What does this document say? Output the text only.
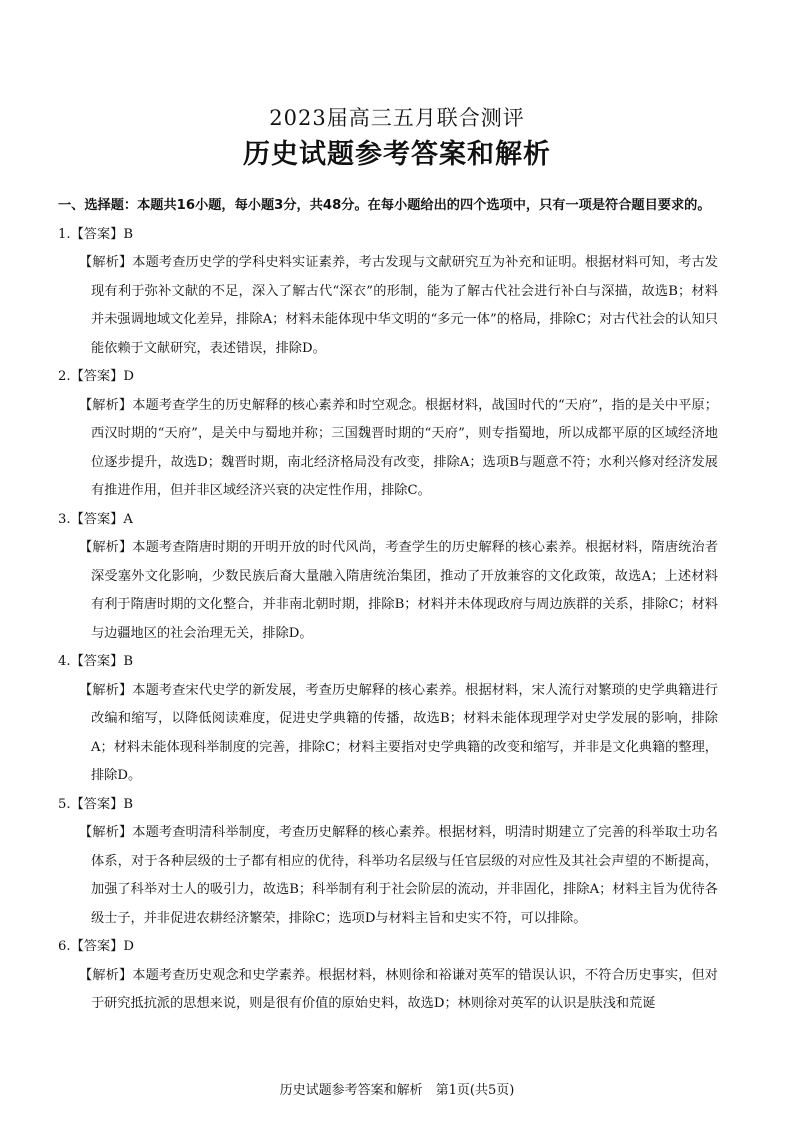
2023届高三五月联合测评
历史试题参考答案和解析
一、选择题：本题共16小题，每小题3分，共48分。在每小题给出的四个选项中，只有一项是符合题目要求的。

1.【答案】B

【解析】本题考查历史学的学科史料实证素养，考古发现与文献研究互为补充和证明。根据材料可知，考古发现有利于弥补文献的不足，深入了解古代“深衣”的形制，能为了解古代社会进行补白与深描，故选B；材料并未强调地域文化差异，排除A；材料未能体现中华文明的“多元一体”的格局，排除C；对古代社会的认知只能依赖于文献研究，表述错误，排除D。

2.【答案】D

【解析】本题考查学生的历史解释的核心素养和时空观念。根据材料，战国时代的“天府”，指的是关中平原；西汉时期的“天府”，是关中与蜀地并称；三国魏晋时期的“天府”，则专指蜀地，所以成都平原的区域经济地位逐步提升，故选D；魏晋时期，南北经济格局没有改变，排除A；选项B与题意不符；水利兴修对经济发展有推进作用，但并非区域经济兴衰的决定性作用，排除C。

3.【答案】A

【解析】本题考查隋唐时期的开明开放的时代风尚，考查学生的历史解释的核心素养。根据材料，隋唐统治者深受塞外文化影响，少数民族后裔大量融入隋唐统治集团，推动了开放兼容的文化政策，故选A；上述材料有利于隋唐时期的文化整合，并非南北朝时期，排除B；材料并未体现政府与周边族群的关系，排除C；材料与边疆地区的社会治理无关，排除D。

4.【答案】B

【解析】本题考查宋代史学的新发展，考查历史解释的核心素养。根据材料，宋人流行对繁琐的史学典籍进行改编和缩写，以降低阅读难度，促进史学典籍的传播，故选B；材料未能体现理学对史学发展的影响，排除A；材料未能体现科举制度的完善，排除C；材料主要指对史学典籍的改变和缩写，并非是文化典籍的整理，排除D。

5.【答案】B

【解析】本题考查明清科举制度，考查历史解释的核心素养。根据材料，明清时期建立了完善的科举取士功名体系，对于各种层级的士子都有相应的优待，科举功名层级与任官层级的对应性及其社会声望的不断提高，加强了科举对士人的吸引力，故选B；科举制有利于社会阶层的流动，并非固化，排除A；材料主旨为优待各级士子，并非促进农耕经济繁荣，排除C；选项D与材料主旨和史实不符，可以排除。

6.【答案】D

【解析】本题考查历史观念和史学素养。根据材料，林则徐和裕谦对英军的错误认识，不符合历史事实，但对于研究抵抗派的思想来说，则是很有价值的原始史料，故选D；林则徐对英军的认识是肤浅和荒诞

历史试题参考答案和解析　第1页(共5页)
